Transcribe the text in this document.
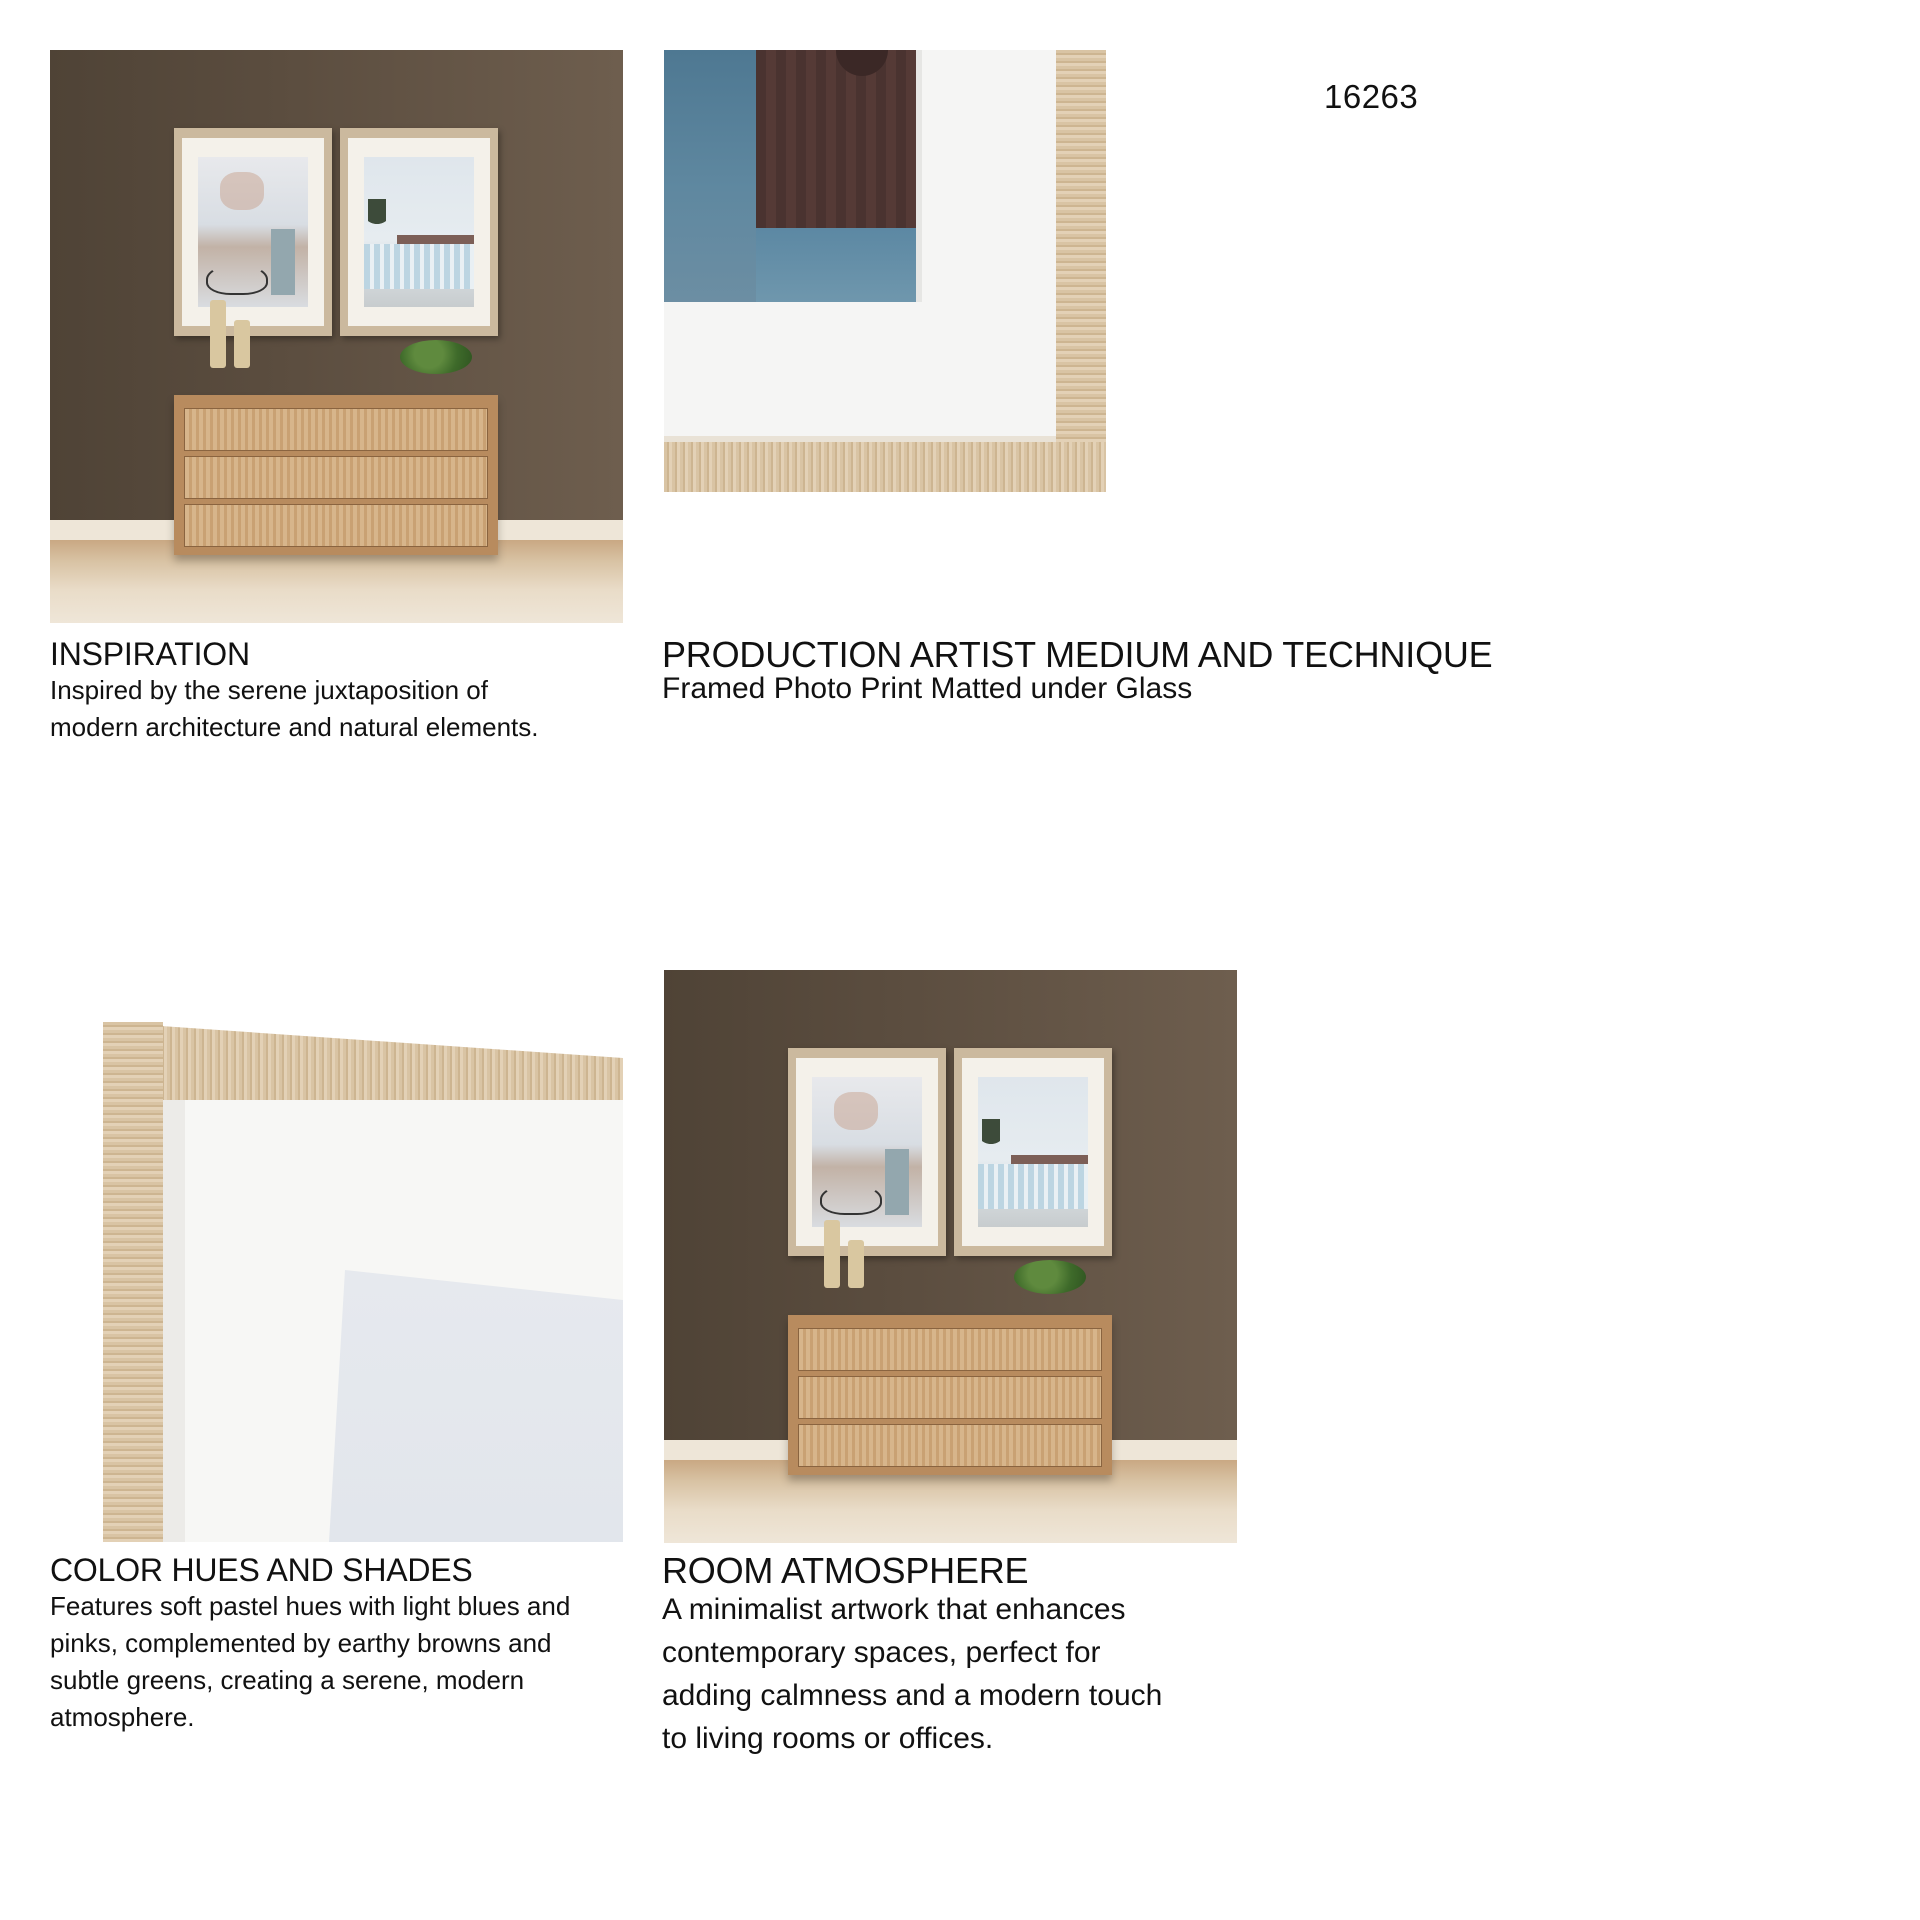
16263
INSPIRATION
Inspired by the serene juxtaposition of
modern architecture and natural elements.
PRODUCTION ARTIST MEDIUM AND TECHNIQUE
Framed Photo Print Matted under Glass
COLOR HUES AND SHADES
Features soft pastel hues with light blues and
pinks, complemented by earthy browns and
subtle greens, creating a serene, modern
atmosphere.
ROOM ATMOSPHERE
A minimalist artwork that enhances
contemporary spaces, perfect for
adding calmness and a modern touch
to living rooms or offices.
